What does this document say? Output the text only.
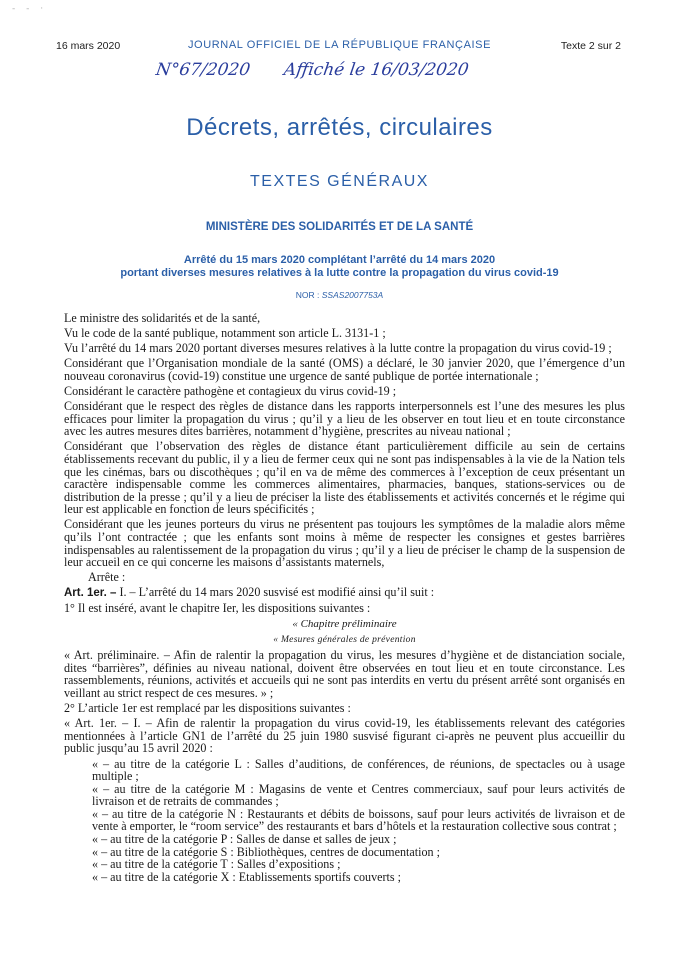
- - ·
JOURNAL OFFICIEL DE LA RÉPUBLIQUE FRANÇAISE
16 mars 2020	Texte 2 sur 2
N°67/2020 Affiché le 16/03/2020
Décrets, arrêtés, circulaires
TEXTES GÉNÉRAUX
MINISTÈRE DES SOLIDARITÉS ET DE LA SANTÉ
Arrêté du 15 mars 2020 complétant l’arrêté du 14 mars 2020
portant diverses mesures relatives à la lutte contre la propagation du virus covid-19
NOR : SSAS2007753A

Le ministre des solidarités et de la santé,

Vu le code de la santé publique, notamment son article L. 3131-1 ;

Vu l’arrêté du 14 mars 2020 portant diverses mesures relatives à la lutte contre la propagation du virus covid-19 ;

Considérant que l’Organisation mondiale de la santé (OMS) a déclaré, le 30 janvier 2020, que l’émergence d’un nouveau coronavirus (covid-19) constitue une urgence de santé publique de portée internationale ;

Considérant le caractère pathogène et contagieux du virus covid-19 ;

Considérant que le respect des règles de distance dans les rapports interpersonnels est l’une des mesures les plus efficaces pour limiter la propagation du virus ; qu’il y a lieu de les observer en tout lieu et en toute circonstance avec les autres mesures dites barrières, notamment d’hygiène, prescrites au niveau national ;

Considérant que l’observation des règles de distance étant particulièrement difficile au sein de certains établissements recevant du public, il y a lieu de fermer ceux qui ne sont pas indispensables à la vie de la Nation tels que les cinémas, bars ou discothèques ; qu’il en va de même des commerces à l’exception de ceux présentant un caractère indispensable comme les commerces alimentaires, pharmacies, banques, stations-services ou de distribution de la presse ; qu’il y a lieu de préciser la liste des établissements et activités concernés et le régime qui leur est applicable en fonction de leurs spécificités ;

Considérant que les jeunes porteurs du virus ne présentent pas toujours les symptômes de la maladie alors même qu’ils l’ont contractée ; que les enfants sont moins à même de respecter les consignes et gestes barrières indispensables au ralentissement de la propagation du virus ; qu’il y a lieu de préciser le champ de la suspension de leur accueil en ce qui concerne les maisons d’assistants maternels,

Arrête :

Art. 1er. – I. – L’arrêté du 14 mars 2020 susvisé est modifié ainsi qu’il suit :

1° Il est inséré, avant le chapitre Ier, les dispositions suivantes :

« Chapitre préliminaire

« Mesures générales de prévention

« Art. préliminaire. – Afin de ralentir la propagation du virus, les mesures d’hygiène et de distanciation sociale, dites “barrières”, définies au niveau national, doivent être observées en tout lieu et en toute circonstance. Les rassemblements, réunions, activités et accueils qui ne sont pas interdits en vertu du présent arrêté sont organisés en veillant au strict respect de ces mesures. » ;

2° L’article 1er est remplacé par les dispositions suivantes :

« Art. 1er. – I. – Afin de ralentir la propagation du virus covid-19, les établissements relevant des catégories mentionnées à l’article GN1 de l’arrêté du 25 juin 1980 susvisé figurant ci-après ne peuvent plus accueillir du public jusqu’au 15 avril 2020 :

« – au titre de la catégorie L : Salles d’auditions, de conférences, de réunions, de spectacles ou à usage multiple ;

« – au titre de la catégorie M : Magasins de vente et Centres commerciaux, sauf pour leurs activités de livraison et de retraits de commandes ;

« – au titre de la catégorie N : Restaurants et débits de boissons, sauf pour leurs activités de livraison et de vente à emporter, le “room service” des restaurants et bars d’hôtels et la restauration collective sous contrat ;

« – au titre de la catégorie P : Salles de danse et salles de jeux ;

« – au titre de la catégorie S : Bibliothèques, centres de documentation ;

« – au titre de la catégorie T : Salles d’expositions ;

« – au titre de la catégorie X : Etablissements sportifs couverts ;
